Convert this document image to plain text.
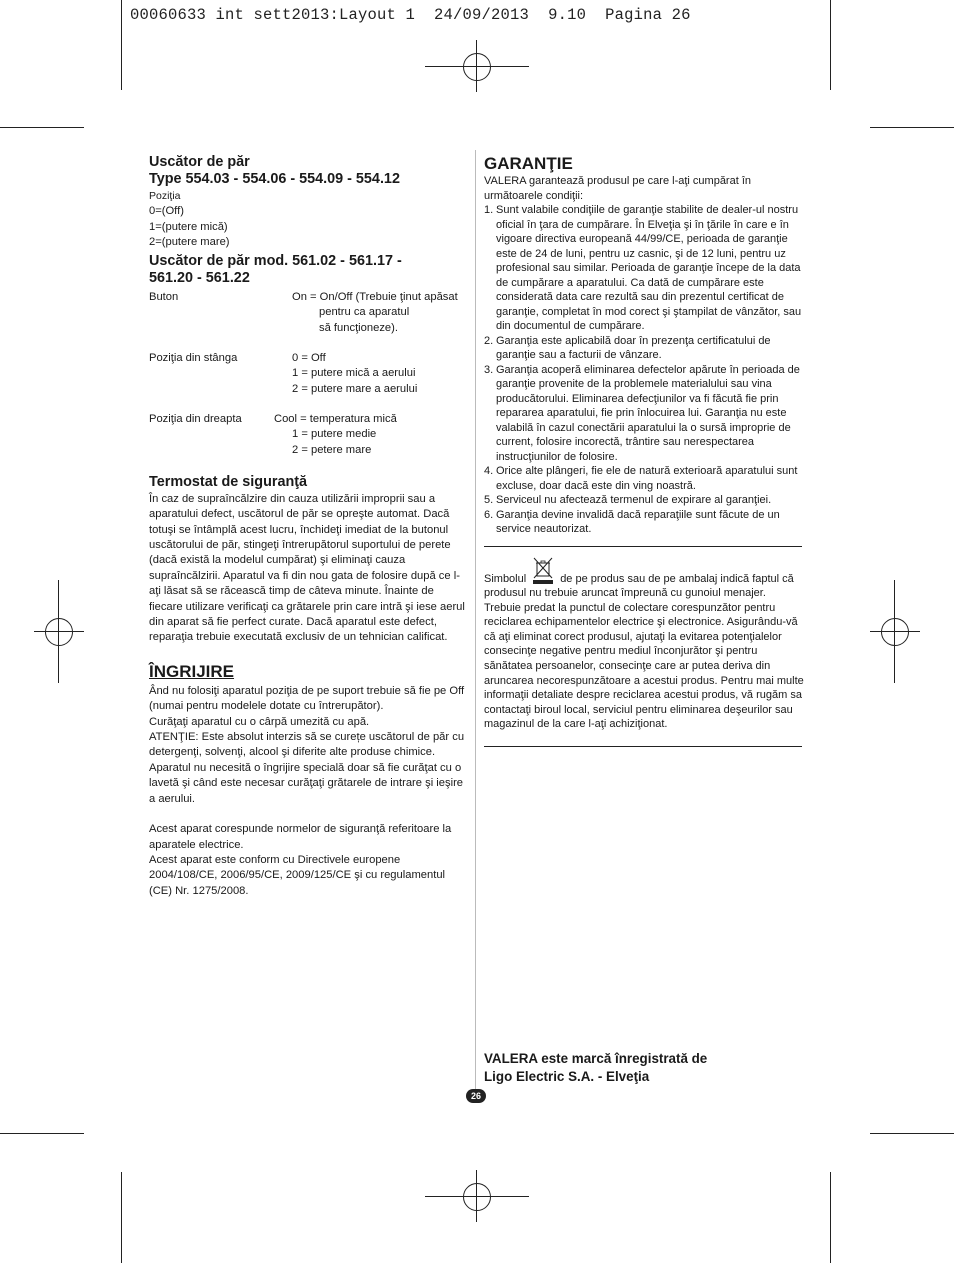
00060633 int sett2013:Layout 1  24/09/2013  9.10  Pagina 26

Uscător de păr

Type 554.03 - 554.06 - 554.09 - 554.12

Poziţia

0=(Off)

1=(putere mică)

2=(putere mare)

Uscător de păr mod. 561.02 - 561.17 - 561.20 - 561.22

Buton	On = On/Off (Trebuie ţinut apăsat
pentru ca aparatul
să funcţioneze).
Poziţia din stânga	0 = Off
1 = putere mică a aerului
2 = putere mare a aerului
Poziţia din dreapta	Cool = temperatura mică
1 = putere medie
2 = petere mare

Termostat de siguranţă

În caz de supraîncălzire din cauza utilizării improprii sau a aparatului defect, uscătorul de păr se opreşte automat. Dacă totuşi se întâmplă acest lucru, închideţi imediat de la butonul uscătorului de păr, stingeţi întrerupătorul suportului de perete (dacă există la modelul cumpărat) şi eliminaţi cauza supraîncălzirii. Aparatul va fi din nou gata de folosire după ce l-aţi lăsat să se răcească timp de câteva minute. Înainte de fiecare utilizare verificaţi ca grătarele prin care intră şi iese aerul din aparat să fie perfect curate. Dacă aparatul este defect, reparaţia trebuie executată exclusiv de un tehnician calificat.

ÎNGRIJIRE

Ând nu folosiţi aparatul poziţia de pe suport trebuie să fie pe Off (numai pentru modelele dotate cu întrerupător).

Curăţaţi aparatul cu o cârpă umezită cu apă.

ATENŢIE: Este absolut interzis să se curețe uscătorul de păr cu detergenţi, solvenţi, alcool şi diferite alte produse chimice. Aparatul nu necesită o îngrijire specială doar să fie curăţat cu o lavetă şi când este necesar curăţaţi grătarele de intrare şi ieşire a aerului.

Acest aparat corespunde normelor de siguranţă referitoare la aparatele electrice.

Acest aparat este conform cu Directivele europene 2004/108/CE, 2006/95/CE, 2009/125/CE şi cu regulamentul (CE) Nr. 1275/2008.

GARANŢIE

VALERA garantează produsul pe care l-aţi cumpărat în următoarele condiţii:

1. Sunt valabile condiţiile de garanţie stabilite de dealer-ul nostru oficial în ţara de cumpărare. În Elveţia şi în ţările în care e în vigoare directiva europeană 44/99/CE, perioada de garanţie este de 24 de luni, pentru uz casnic, şi de 12 luni, pentru uz profesional sau similar. Perioada de garanţie începe de la data de cumpărare a aparatului. Ca dată de cumpărare este considerată data care rezultă sau din prezentul certificat de garanţie, completat în mod corect şi ştampilat de vânzător, sau din documentul de cumpărare.
2. Garanţia este aplicabilă doar în prezenţa certificatului de garanţie sau a facturii de vânzare.
3. Garanţia acoperă eliminarea defectelor apărute în perioada de garanţie provenite de la problemele materialului sau vina producătorului. Eliminarea defecţiunilor va fi făcută fie prin repararea aparatului, fie prin înlocuirea lui. Garanţia nu este valabilă în cazul conectării aparatului la o sursă improprie de current, folosire incorectă, trântire sau nerespectarea instrucţiunilor de folosire.
4. Orice alte plângeri, fie ele de natură exterioară aparatului sunt excluse, doar dacă este din ving noastră.
5. Serviceul nu afectează termenul de expirare al garanţiei.
6. Garanţia devine invalidă dacă reparaţiile sunt făcute de un service neautorizat.

Simbolul	de pe produs sau de pe ambalaj indică faptul că produsul nu trebuie aruncat împreună cu gunoiul menajer. Trebuie predat la punctul de colectare corespunzător pentru reciclarea echipamentelor electrice şi electronice. Asigurându-vă că aţi eliminat corect produsul, ajutaţi la evitarea potenţialelor consecinţe negative pentru mediul înconjurător şi pentru sănătatea persoanelor, consecinţe care ar putea deriva din aruncarea necorespunzătoare a acestui produs. Pentru mai multe informaţii detaliate despre reciclarea acestui produs, vă rugăm sa contactaţi biroul local, serviciul pentru eliminarea deşeurilor sau magazinul de la care l-aţi achiziţionat.

VALERA este marcă înregistrată de
Ligo Electric S.A. - Elveţia
26
